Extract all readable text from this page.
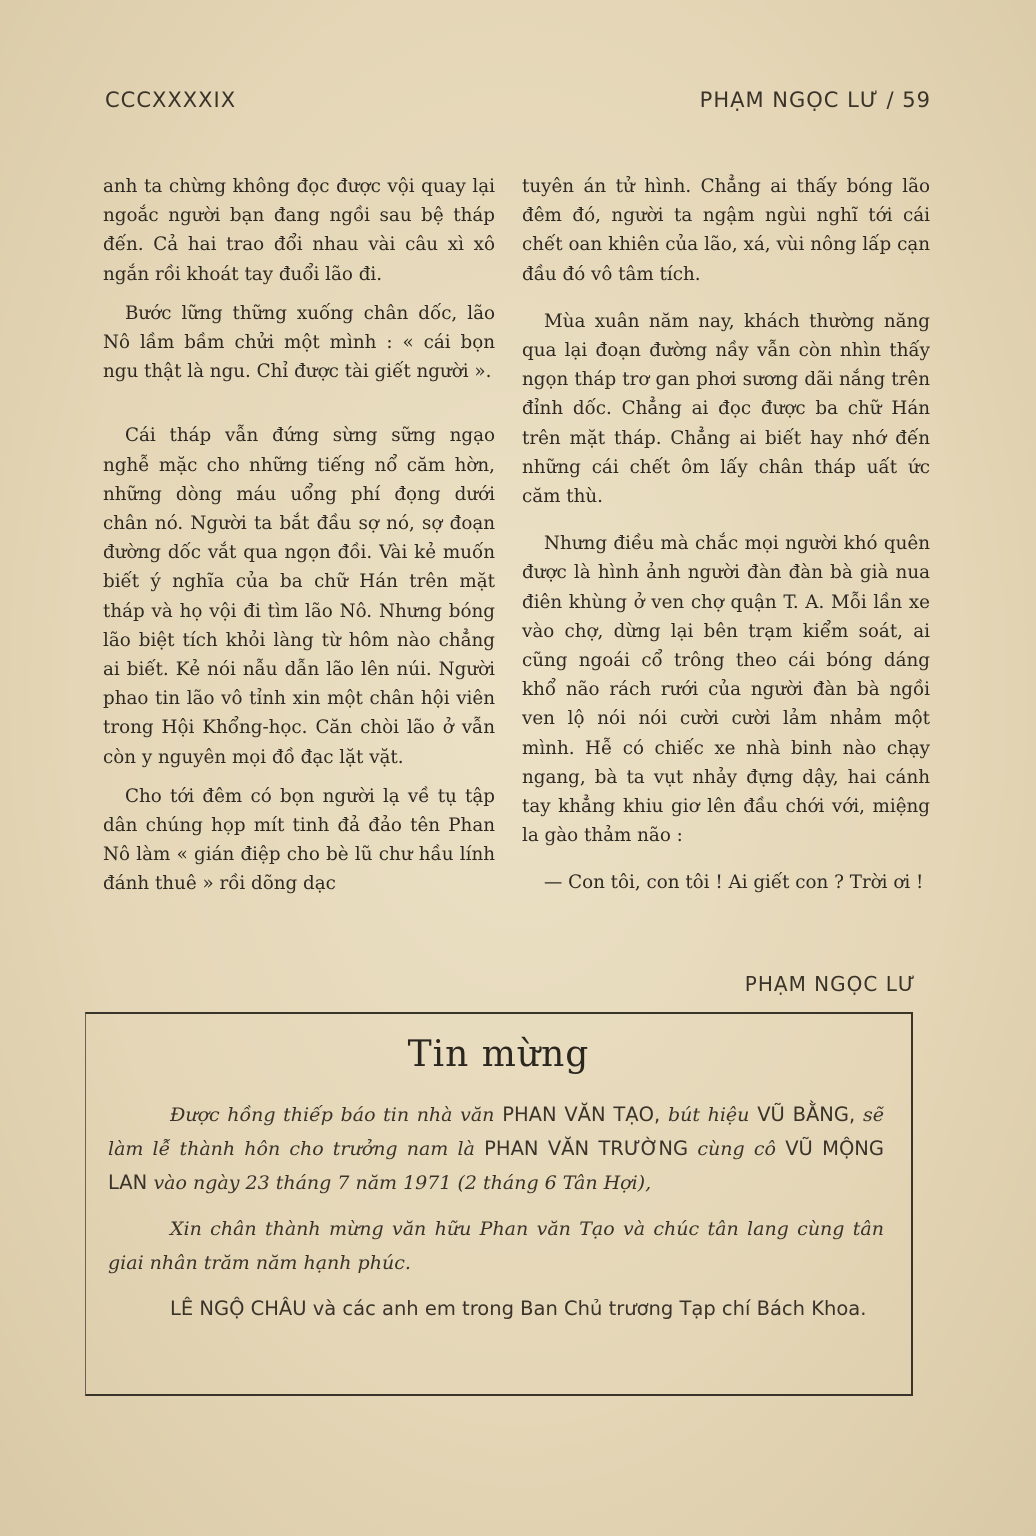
CCCXXXXIX	PHẠM NGỌC LƯ / 59

anh ta chừng không đọc được vội quay lại ngoắc người bạn đang ngồi sau bệ tháp đến. Cả hai trao đổi nhau vài câu xì xô ngắn rồi khoát tay đuổi lão đi.

Bước lững thững xuống chân dốc, lão Nô lầm bầm chửi một mình : « cái bọn ngu thật là ngu. Chỉ được tài giết người ».

Cái tháp vẫn đứng sừng sững ngạo nghễ mặc cho những tiếng nổ căm hờn, những dòng máu uổng phí đọng dưới chân nó. Người ta bắt đầu sợ nó, sợ đoạn đường dốc vắt qua ngọn đồi. Vài kẻ muốn biết ý nghĩa của ba chữ Hán trên mặt tháp và họ vội đi tìm lão Nô. Nhưng bóng lão biệt tích khỏi làng từ hôm nào chẳng ai biết. Kẻ nói nẫu dẫn lão lên núi. Người phao tin lão vô tỉnh xin một chân hội viên trong Hội Khổng-học. Căn chòi lão ở vẫn còn y nguyên mọi đồ đạc lặt vặt.

Cho tới đêm có bọn người lạ về tụ tập dân chúng họp mít tinh đả đảo tên Phan Nô làm « gián điệp cho bè lũ chư hầu lính đánh thuê » rồi dõng dạc

tuyên án tử hình. Chẳng ai thấy bóng lão đêm đó, người ta ngậm ngùi nghĩ tới cái chết oan khiên của lão, xá, vùi nông lấp cạn đầu đó vô tâm tích.

Mùa xuân năm nay, khách thường năng qua lại đoạn đường nầy vẫn còn nhìn thấy ngọn tháp trơ gan phơi sương dãi nắng trên đỉnh dốc. Chẳng ai đọc được ba chữ Hán trên mặt tháp. Chẳng ai biết hay nhớ đến những cái chết ôm lấy chân tháp uất ức căm thù.

Nhưng điều mà chắc mọi người khó quên được là hình ảnh người đàn đàn bà già nua điên khùng ở ven chợ quận T. A. Mỗi lần xe vào chợ, dừng lại bên trạm kiểm soát, ai cũng ngoái cổ trông theo cái bóng dáng khổ não rách rưới của người đàn bà ngồi ven lộ nói nói cười cười lảm nhảm một mình. Hễ có chiếc xe nhà binh nào chạy ngang, bà ta vụt nhảy đựng dậy, hai cánh tay khẳng khiu giơ lên đầu chới với, miệng la gào thảm não :

— Con tôi, con tôi ! Ai giết con ? Trời ơi !

PHẠM NGỌC LƯ
Tin mừng

Được hồng thiếp báo tin nhà văn PHAN VĂN TẠO, bút hiệu VŨ BẰNG, sẽ làm lễ thành hôn cho trưởng nam là PHAN VĂN TRƯỜNG cùng cô VŨ MỘNG LAN vào ngày 23 tháng 7 năm 1971 (2 tháng 6 Tân Hợi),

Xin chân thành mừng văn hữu Phan văn Tạo và chúc tân lang cùng tân giai nhân trăm năm hạnh phúc.

LÊ NGỘ CHÂU và các anh em trong Ban Chủ trương Tạp chí Bách Khoa.
